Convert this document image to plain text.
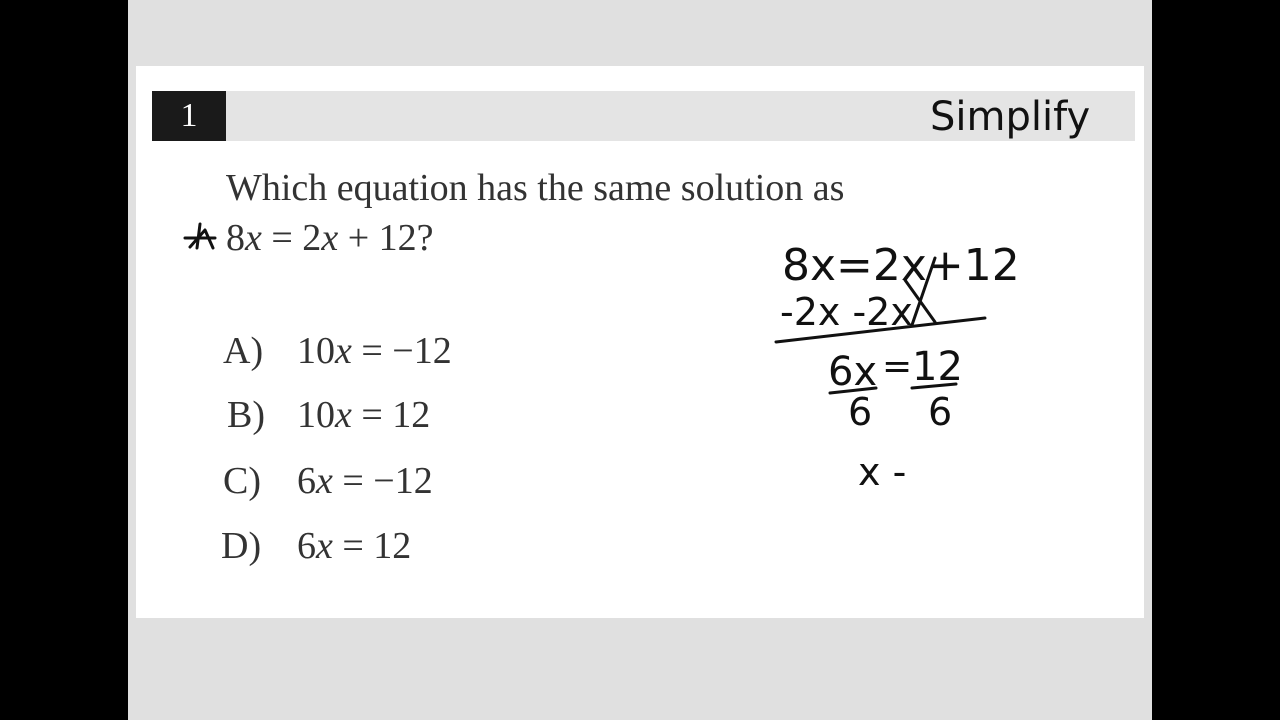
1
Which equation has the same solution as
8x = 2x + 12?
A) 10x = −12
B) 10x = 12
C) 6x = −12
D) 6x = 12
Simplify
8x=2x+12
-2x -2x
6x = 12
6 6
x -
